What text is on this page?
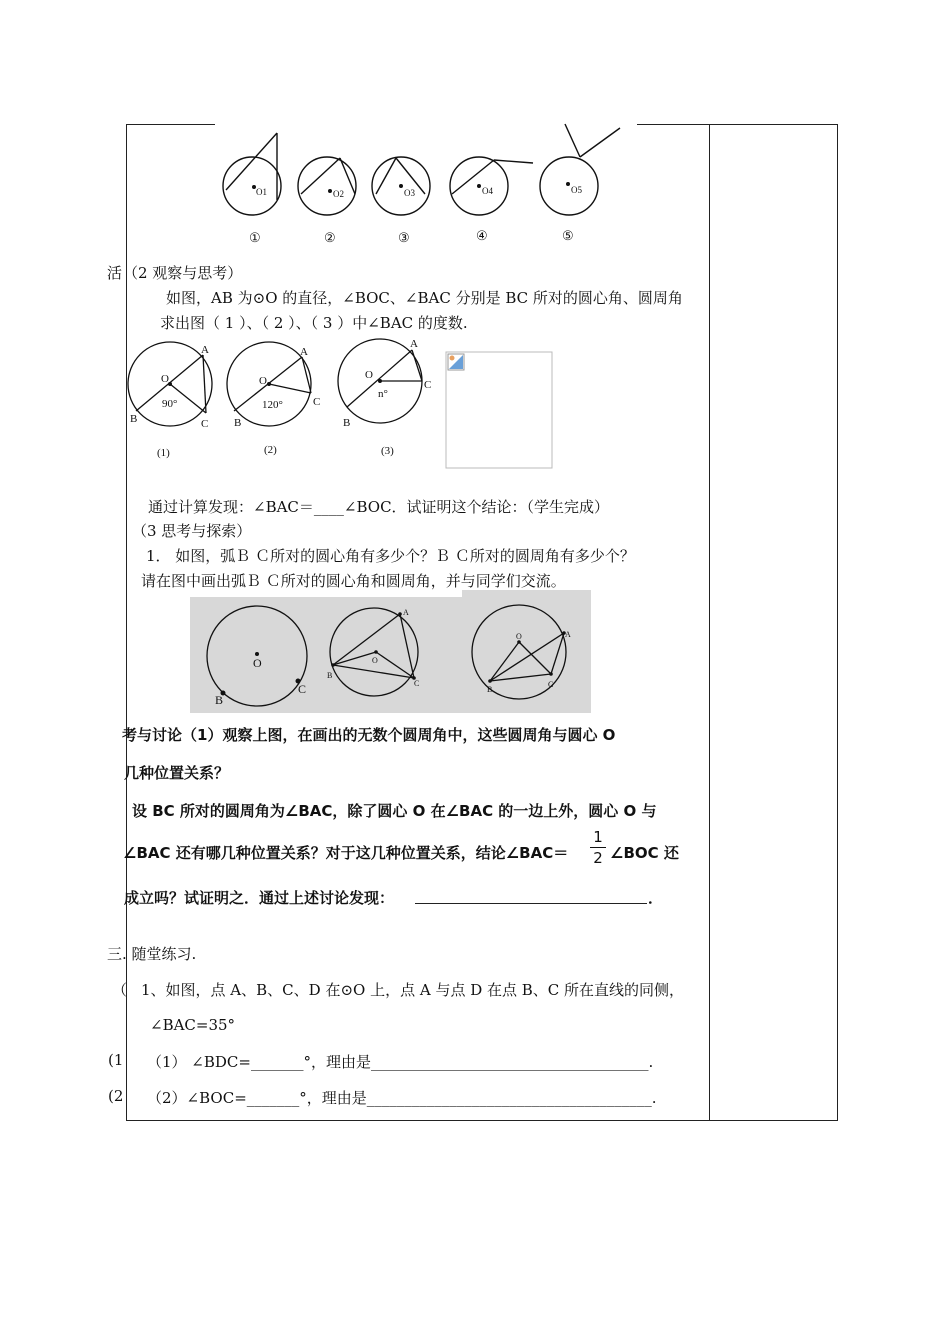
O1	O2	O3	O4	O5
①	②	③	④	⑤
活 （2 观察与思考）
如图，AB 为⊙O 的直径，∠BOC、∠BAC 分别是 BC 所对的圆心角、圆周角
求出图（ 1 ）、（ 2 ）、（ 3 ）中∠BAC 的度数.
O
A
B	C
90°
(1)
O
A
B
C
120°
(2)
O
A
B
C
n°
(3)
通过计算发现：∠BAC＝____∠BOC．试证明这个结论：（学生完成）
（3 思考与探索）
1． 如图，弧Ｂ Ｃ所对的圆心角有多少个？Ｂ Ｃ所对的圆周角有多少个？
请在图中画出弧Ｂ Ｃ所对的圆心角和圆周角，并与同学们交流。
O
B
C
A
O
B
C
O	A
B
C
考与讨论（1）观察上图，在画出的无数个圆周角中，这些圆周角与圆心 O
几种位置关系？
设 BC 所对的圆周角为∠BAC，除了圆心 O 在∠BAC 的一边上外，圆心 O 与
∠BAC 还有哪几种位置关系？对于这几种位置关系，结论∠BAC＝
1
2 ∠BOC 还
成立吗？试证明之．通过上述讨论发现：	．
三. 随堂练习.
（ 1、如图，点 A、B、C、D 在⊙O 上，点 A 与点 D 在点 B、C 所在直线的同侧，
∠BAC=35°
(1 （1） ∠BDC=_______°，理由是_____________________________________.
(2 （2）∠BOC=_______°，理由是______________________________________.
